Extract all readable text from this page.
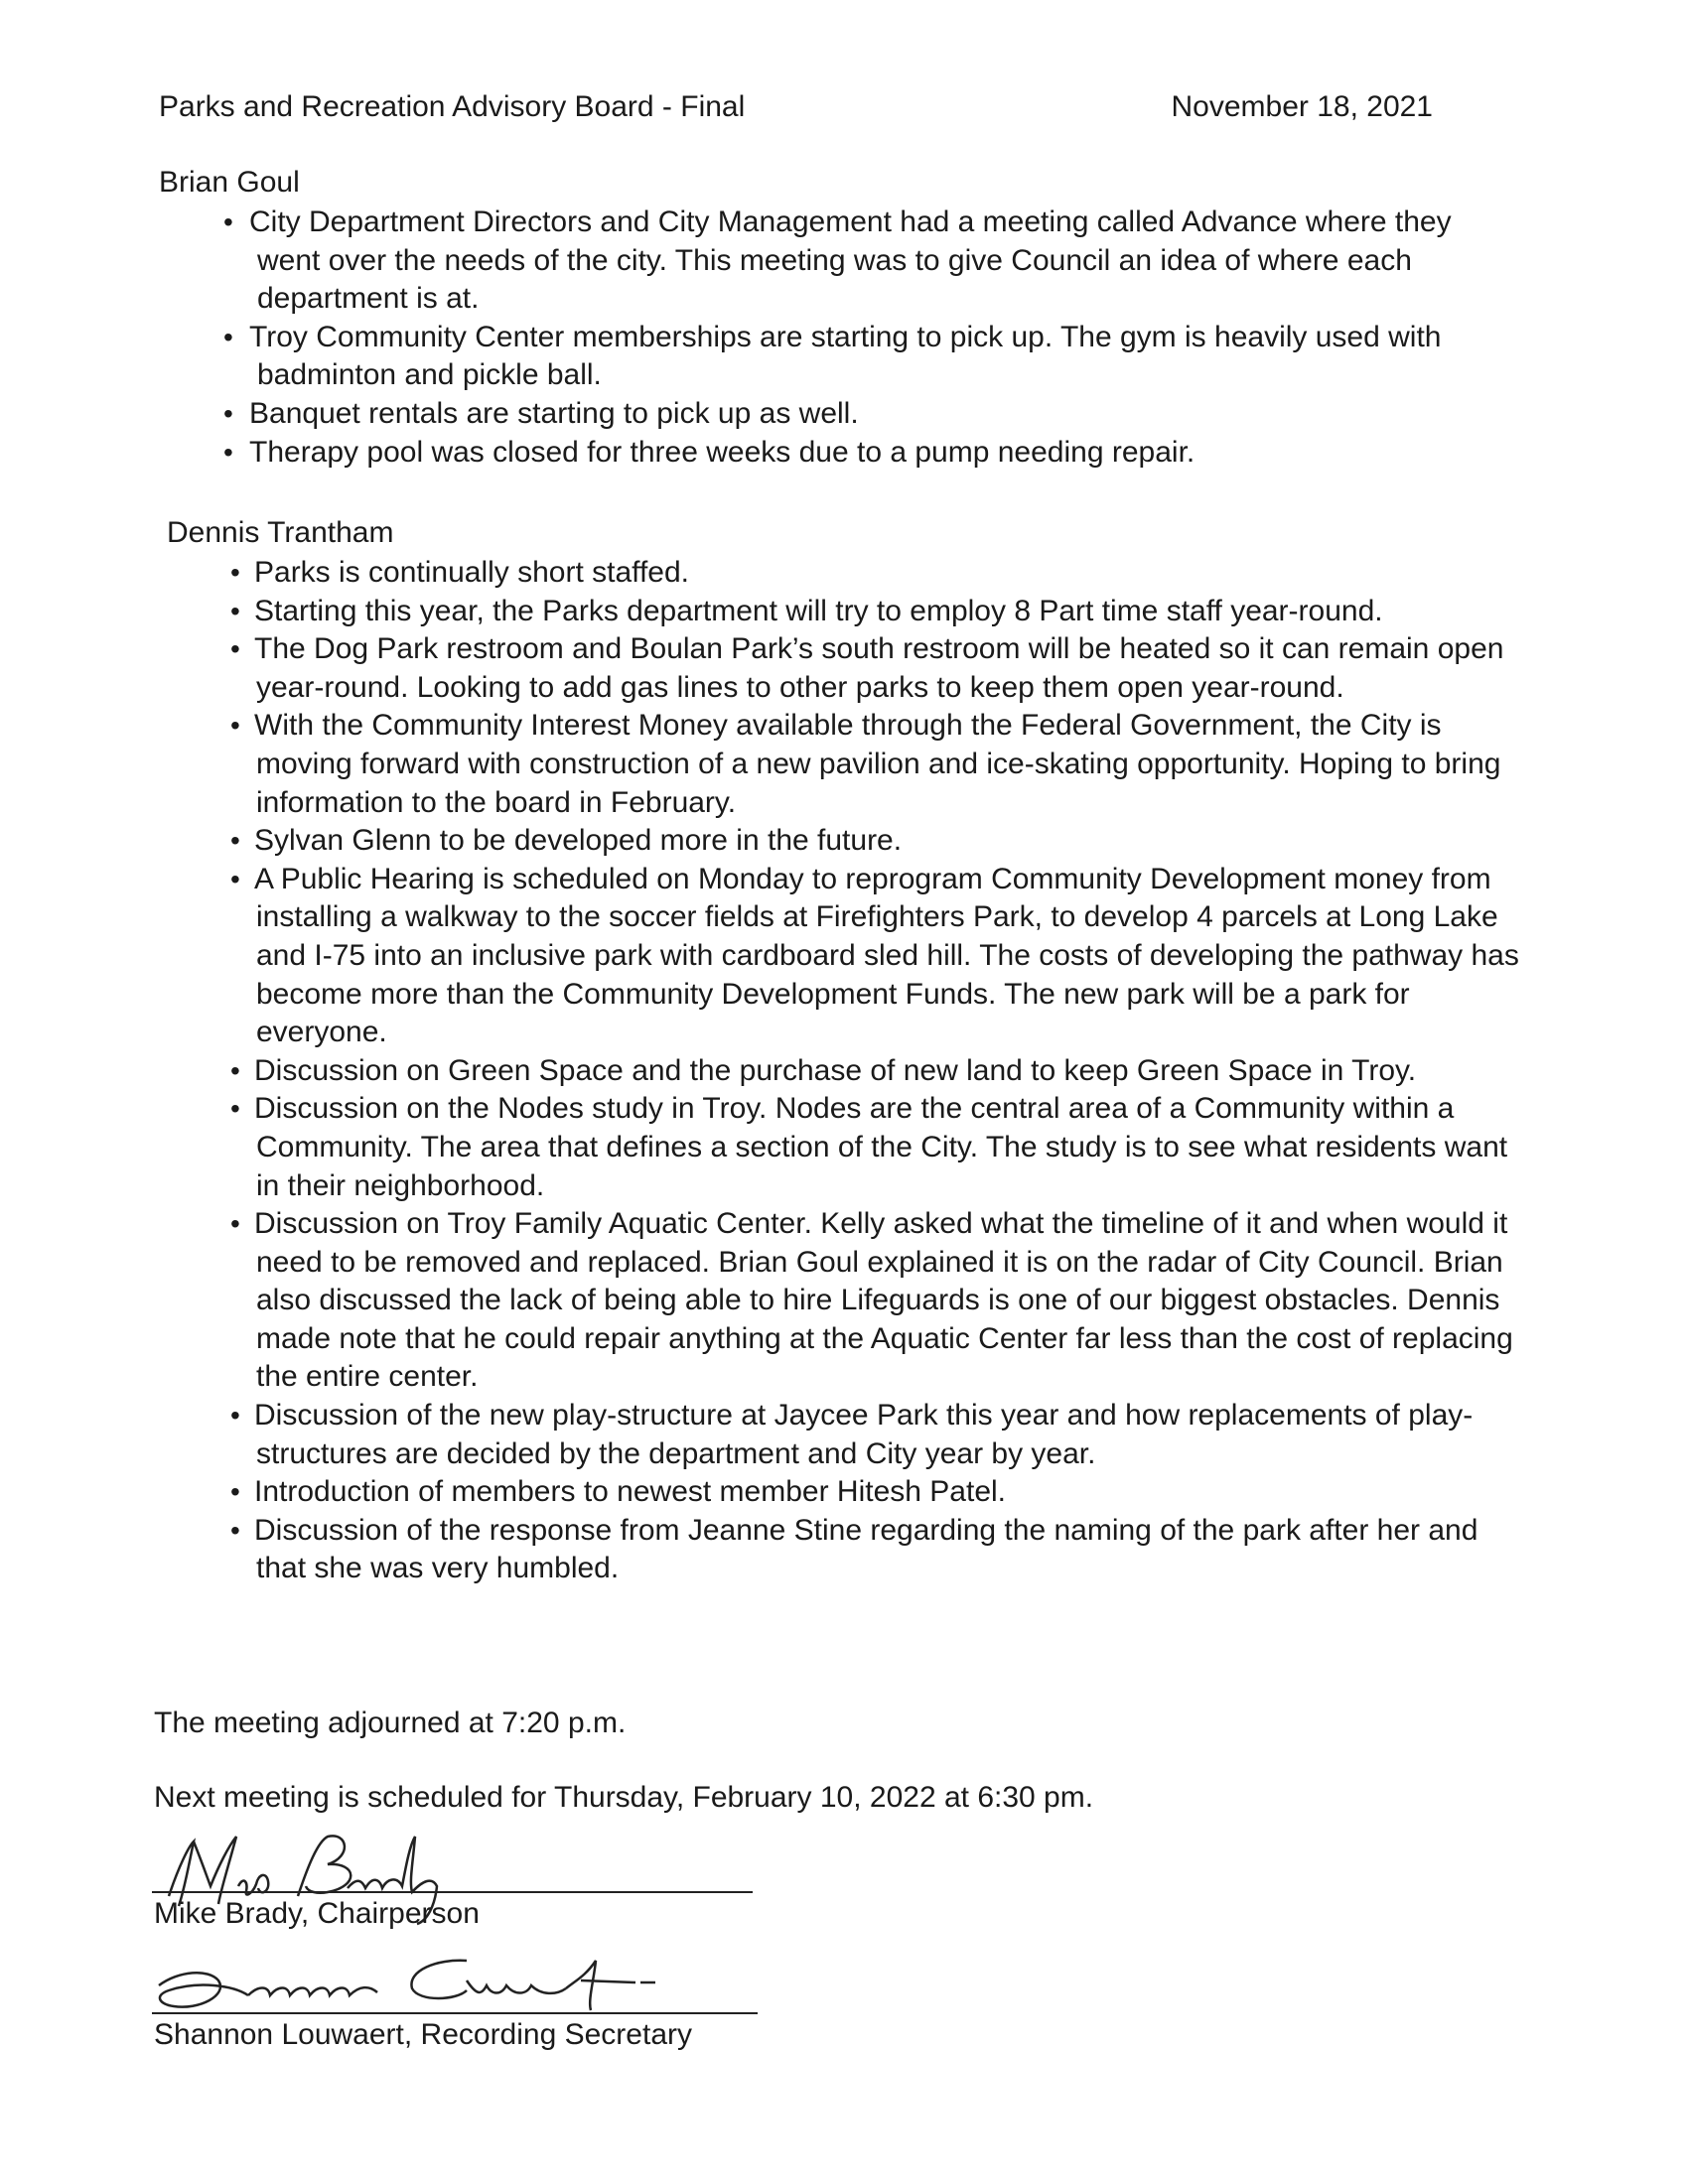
Parks and Recreation Advisory Board - Final	November 18, 2021
Brian Goul
• City Department Directors and City Management had a meeting called Advance where they went over the needs of the city. This meeting was to give Council an idea of where each department is at.
• Troy Community Center memberships are starting to pick up. The gym is heavily used with badminton and pickle ball.
• Banquet rentals are starting to pick up as well.
• Therapy pool was closed for three weeks due to a pump needing repair.
Dennis Trantham
• Parks is continually short staffed.
• Starting this year, the Parks department will try to employ 8 Part time staff year-round.
• The Dog Park restroom and Boulan Park’s south restroom will be heated so it can remain open year-round. Looking to add gas lines to other parks to keep them open year-round.
• With the Community Interest Money available through the Federal Government, the City is moving forward with construction of a new pavilion and ice-skating opportunity. Hoping to bring information to the board in February.
• Sylvan Glenn to be developed more in the future.
• A Public Hearing is scheduled on Monday to reprogram Community Development money from installing a walkway to the soccer fields at Firefighters Park, to develop 4 parcels at Long Lake and I-75 into an inclusive park with cardboard sled hill. The costs of developing the pathway has become more than the Community Development Funds. The new park will be a park for everyone.
• Discussion on Green Space and the purchase of new land to keep Green Space in Troy.
• Discussion on the Nodes study in Troy. Nodes are the central area of a Community within a Community. The area that defines a section of the City. The study is to see what residents want in their neighborhood.
• Discussion on Troy Family Aquatic Center. Kelly asked what the timeline of it and when would it need to be removed and replaced. Brian Goul explained it is on the radar of City Council. Brian also discussed the lack of being able to hire Lifeguards is one of our biggest obstacles. Dennis made note that he could repair anything at the Aquatic Center far less than the cost of replacing the entire center.
• Discussion of the new play-structure at Jaycee Park this year and how replacements of play-structures are decided by the department and City year by year.
• Introduction of members to newest member Hitesh Patel.
• Discussion of the response from Jeanne Stine regarding the naming of the park after her and that she was very humbled.
The meeting adjourned at 7:20 p.m.
Next meeting is scheduled for Thursday, February 10, 2022 at 6:30 pm.
Mike Brady, Chairperson
Shannon Louwaert, Recording Secretary
